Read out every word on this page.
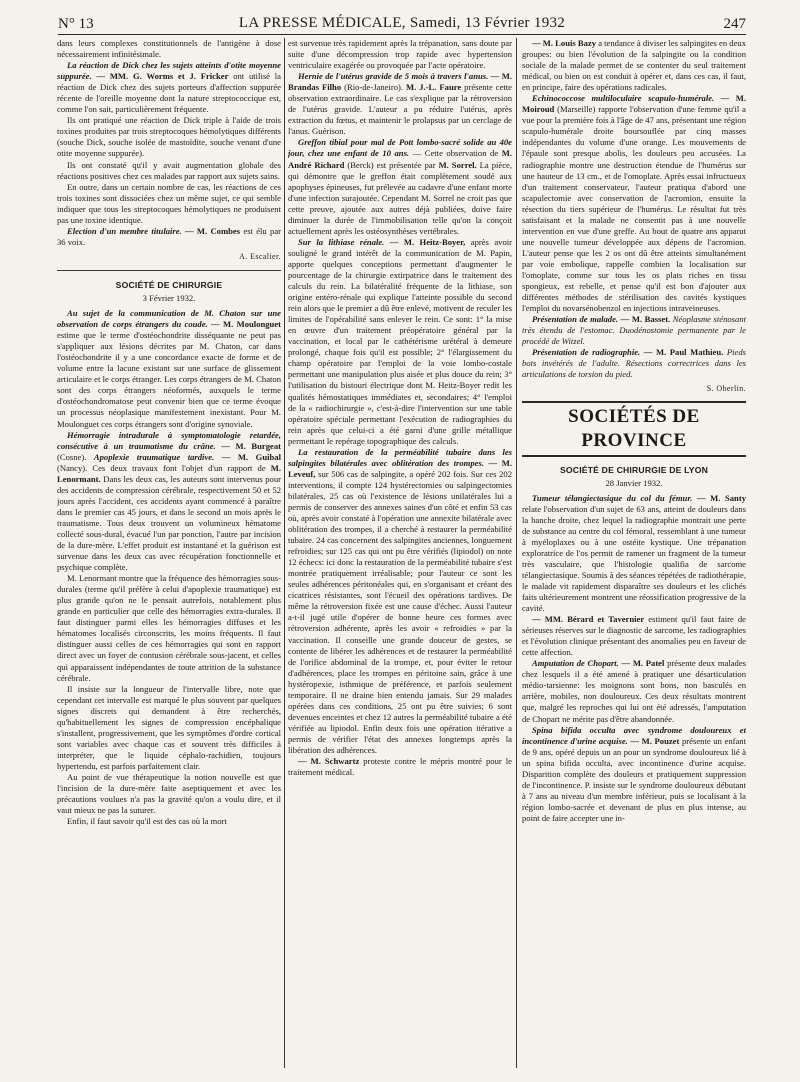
N° 13	LA PRESSE MÉDICALE, Samedi, 13 Février 1932	247

dans leurs complexes constitutionnels de l'antigène à dose nécessairement infinitésimale.

La réaction de Dick chez les sujets atteints d'otite moyenne suppurée. — MM. G. Worms et J. Fricker ont utilisé la réaction de Dick chez des sujets porteurs d'affection suppurée récente de l'oreille moyenne dont la nature streptococcique est, comme l'on sait, particulièrement fréquente.

Ils ont pratiqué une réaction de Dick triple à l'aide de trois toxines produites par trois streptocoques hémolytiques différents (souche Dick, souche isolée de mastoïdite, souche venant d'une otite moyenne suppurée).

Ils ont constaté qu'il y avait augmentation globale des réactions positives chez ces malades par rapport aux sujets sains.

En outre, dans un certain nombre de cas, les réactions de ces trois toxines sont dissociées chez un même sujet, ce qui semble indiquer que tous les streptocoques hémolytiques ne produisent pas une toxine identique.

Election d'un membre titulaire. — M. Combes est élu par 36 voix.

A. Escalier.
SOCIÉTÉ DE CHIRURGIE
3 Février 1932.

Au sujet de la communication de M. Chaton sur une observation de corps étrangers du coude. — M. Moulonguet estime que le terme d'ostéochondrite disséquante ne peut pas s'appliquer aux lésions décrites par M. Chaton, car dans l'ostéochondrite il y a une concordance exacte de forme et de volume entre la lacune existant sur une surface de glissement articulaire et le corps étranger. Les corps étrangers de M. Chaton sont des corps étrangers néoformés, auxquels le terme d'ostéochondromatose peut convenir bien que ce terme évoque un processus néoplasique manifestement inexistant. Pour M. Moulonguet ces corps étrangers sont d'origine synoviale.

Hémorragie intradurale à symptomatologie retardée, consécutive à un traumatisme du crâne. — M. Burgeat (Cosne). Apoplexie traumatique tardive. — M. Guibal (Nancy). Ces deux travaux font l'objet d'un rapport de M. Lenormant. Dans les deux cas, les auteurs sont intervenus pour des accidents de compression cérébrale, respectivement 50 et 52 jours après l'accident, ces accidents ayant commencé à paraître dans le premier cas 45 jours, et dans le second un mois après le traumatisme. Tous deux trouvent un volumineux hématome collecté sous-dural, évacué l'un par ponction, l'autre par incision de la dure-mère. L'effet produit est instantané et la guérison est survenue dans les deux cas avec récupération fonctionnelle et psychique complète.

M. Lenormant montre que la fréquence des hémorragies sous-durales (terme qu'il préfère à celui d'apoplexie traumatique) est plus grande qu'on ne le pensait autrefois, notablement plus grande en particulier que celle des hémorragies extra-durales. Il faut distinguer parmi elles les hémorragies diffuses et les hématomes localisés circonscrits, les moins fréquents. Il faut distinguer aussi celles de ces hémorragies qui sont en rapport direct avec un foyer de contusion cérébrale sous-jacent, et celles qui apparaissent indépendantes de toute attrition de la substance cérébrale.

Il insiste sur la longueur de l'intervalle libre, note que cependant cet intervalle est marqué le plus souvent par quelques signes discrets qui demandent à être recherchés, qu'habituellement les signes de compression encéphalique s'installent, progressivement, que les symptômes d'ordre cortical sont variables avec chaque cas et souvent très difficiles à interpréter, que le liquide céphalo-rachidien, toujours hypertendu, est parfois parfaitement clair.

Au point de vue thérapeutique la notion nouvelle est que l'incision de la dure-mère faite aseptiquement et avec les précautions voulues n'a pas la gravité qu'on a voulu dire, et il vaut mieux ne pas la suturer.

Enfin, il faut savoir qu'il est des cas où la mort

est survenue très rapidement après la trépanation, sans doute par suite d'une décompression trop rapide avec hypertension ventriculaire exagérée ou provoquée par l'acte opératoire.

Hernie de l'utérus gravide de 5 mois à travers l'anus. — M. Brandas Filho (Rio-de-Janeiro). M. J.-L. Faure présente cette observation extraordinaire. Le cas s'explique par la rétroversion de l'utérus gravide. L'auteur a pu réduire l'utérus, après extraction du fœtus, et maintenir le prolapsus par un cerclage de l'anus. Guérison.

Greffon tibial pour mal de Pott lombo-sacré solide au 40e jour, chez une enfant de 10 ans. — Cette observation de M. André Richard (Berck) est présentée par M. Sorrel. La pièce, qui démontre que le greffon était complètement soudé aux apophyses épineuses, fut prélevée au cadavre d'une enfant morte d'une infection surajoutée. Cependant M. Sorrel ne croit pas que cette preuve, ajoutée aux autres déjà publiées, doive faire diminuer la durée de l'immobilisation telle qu'on la conçoit actuellement après les ostéosynthèses vertébrales.

Sur la lithiase rénale. — M. Heitz-Boyer, après avoir souligné le grand intérêt de la communication de M. Papin, apporte quelques conceptions permettant d'augmenter le pourcentage de la chirurgie extirpatrice dans le traitement des calculs du rein. La bilatéralité fréquente de la lithiase, son origine entéro-rénale qui explique l'atteinte possible du second rein alors que le premier a dû être enlevé, motivent de reculer les limites de l'opérabilité sans enlever le rein. Ce sont: 1° la mise en œuvre d'un traitement préopératoire général par la vaccination, et local par le cathétérisme urétéral à demeure prolongé, chaque fois qu'il est possible; 2° l'élargissement du champ opératoire par l'emploi de la voie lombo-costale permettant une manipulation plus aisée et plus douce du rein; 3° l'utilisation du bistouri électrique dont M. Heitz-Boyer redit les qualités hémostatiques immédiates et, secondaires; 4° l'emploi de la « radiochirurgie », c'est-à-dire l'intervention sur une table opératoire spéciale permettant l'exécution de radiographies du rein après que celui-ci a été garni d'une grille métallique permettant le repérage topographique des calculs.

La restauration de la perméabilité tubaire dans les salpingites bilatérales avec oblitération des trompes. — M. Leveuf, sur 506 cas de salpingite, a opéré 202 fois. Sur ces 202 interventions, il compte 124 hystérectomies ou salpingectomies bilatérales, 25 cas où l'existence de lésions unilatérales lui a permis de conserver des annexes saines d'un côté et enfin 53 cas où, après avoir constaté à l'opération une annexite bilatérale avec oblitération des trompes, il a cherché à restaurer la perméabilité tubaire. 24 cas concernent des salpingites anciennes, longuement refroidies; sur 125 cas qui ont pu être vérifiés (lipiodol) on note 12 échecs: ici donc la restauration de la perméabilité tubaire s'est montrée pratiquement irréalisable; pour l'auteur ce sont les seules adhérences péritonéales qui, en s'organisant et créant des cicatrices résistantes, sont l'écueil des opérations tardives. De même la rétroversion fixée est une cause d'échec. Aussi l'auteur a-t-il jugé utile d'opérer de bonne heure ces formes avec rétroversion adhérente, après les avoir « refroidies » par la vaccination. Il conseille une grande douceur de gestes, se contente de libérer les adhérences et de restaurer la perméabilité de l'orifice abdominal de la trompe, et, pour éviter le retour d'adhérences, place les trompes en péritoine sain, grâce à une hystéropexie, isthmique de préférence, et parfois seulement temporaire. Il ne draine bien entendu jamais. Sur 29 malades opérées dans ces conditions, 25 ont pu être suivies; 6 sont devenues enceintes et chez 12 autres la perméabilité tubaire a été vérifiée au lipiodol. Enfin deux fois une opération itérative a permis de vérifier l'état des annexes longtemps après la libération des adhérences.

— M. Schwartz proteste contre le mépris montré pour le traitement médical.

— M. Louis Bazy a tendance à diviser les salpingites en deux groupes: ou bien l'évolution de la salpingite ou la condition sociale de la malade permet de se contenter du seul traitement médical, ou bien on est conduit à opérer et, dans ces cas, il faut, en principe, faire des opérations radicales.

Echinococcose multiloculaire scapulo-humérale. — M. Moiroud (Marseille) rapporte l'observation d'une femme qu'il a vue pour la première fois à l'âge de 47 ans, présentant une région scapulo-humérale droite boursouflée par cinq masses indépendantes du volume d'une orange. Les mouvements de l'épaule sont presque abolis, les douleurs peu accusées. La radiographie montre une destruction étendue de l'humérus sur une hauteur de 13 cm., et de l'omoplate. Après essai infructueux d'un traitement conservateur, l'auteur pratiqua d'abord une scapulectomie avec conservation de l'acromion, ensuite la résection du tiers supérieur de l'humérus. Le résultat fut très satisfaisant et la malade ne consentit pas à une nouvelle intervention en vue d'une greffe. Au bout de quatre ans apparut une nouvelle tumeur développée aux dépens de l'acromion. L'auteur pense que les 2 os ont dû être atteints simultanément par voie embolique, rappelle combien la localisation sur l'omoplate, comme sur tous les os plats riches en tissu spongieux, est rebelle, et pense qu'il est bon d'ajouter aux différentes méthodes de stérilisation des cavités kystiques l'emploi du novarsénobenzol en injections intraveineuses.

Présentation de malade. — M. Basset. Néoplasme sténosant très étendu de l'estomac. Duodénostomie permanente par le procédé de Witzel.

Présentation de radiographie. — M. Paul Mathieu. Pieds bots invétérés de l'adulte. Résections correctrices dans les articulations de torsion du pied.

S. Oberlin.
SOCIÉTÉS DE PROVINCE
SOCIÉTÉ DE CHIRURGIE DE LYON
28 Janvier 1932.

Tumeur télangiectasique du col du fémur. — M. Santy relate l'observation d'un sujet de 63 ans, atteint de douleurs dans la hanche droite, chez lequel la radiographie montrait une perte de substance au centre du col fémoral, ressemblant à une tumeur à myéloplaxes ou à une ostéite kystique. Une trépanation exploratrice de l'os permit de ramener un fragment de la tumeur très vasculaire, que l'histologie qualifia de sarcome télangiectasique. Soumis à des séances répétées de radiothérapie, le malade vit rapidement disparaître ses douleurs et les clichés faits ultérieurement montrent une réossification progressive de la cavité.

— MM. Bérard et Tavernier estiment qu'il faut faire de sérieuses réserves sur le diagnostic de sarcome, les radiographies et l'évolution clinique présentant des anomalies peu en faveur de cette affection.

Amputation de Chopart. — M. Patel présente deux malades chez lesquels il a été amené à pratiquer une désarticulation médio-tarsienne: les moignons sont bons, non basculés en arrière, mobiles, non douloureux. Ces deux résultats montrent que, malgré les reproches qui lui ont été adressés, l'amputation de Chopart ne mérite pas d'être abandonnée.

Spina bifida occulta avec syndrome douloureux et incontinence d'urine acquise. — M. Pouzet présente un enfant de 9 ans, opéré depuis un an pour un syndrome douloureux lié à un spina bifida occulta, avec incontinence d'urine acquise. Disparition complète des douleurs et pratiquement suppression de l'incontinence. P. insiste sur le syndrome douloureux débutant à 7 ans au niveau d'un membre inférieur, puis se localisant à la région lombo-sacrée et devenant de plus en plus intense, au point de faire accepter une in-
